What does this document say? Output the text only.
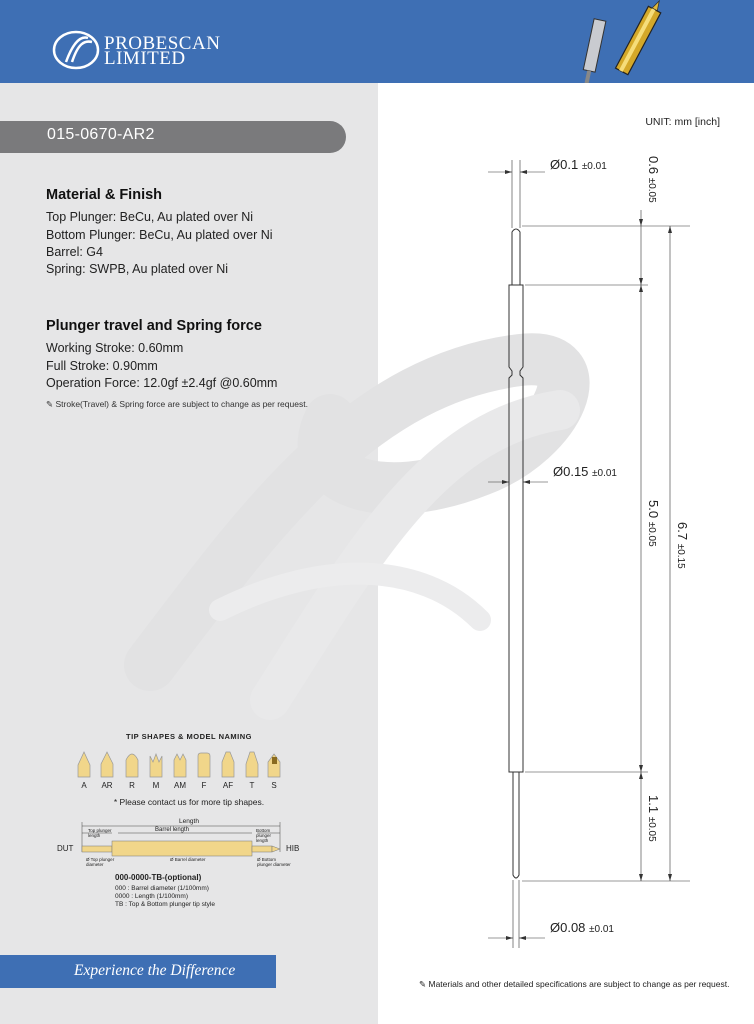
PROBESCAN
LIMITED
015-0670-AR2
Material & Finish
Top Plunger: BeCu, Au plated over Ni
Bottom Plunger: BeCu, Au plated over Ni
Barrel: G4
Spring: SWPB, Au plated over Ni
Plunger travel and Spring force
Working Stroke: 0.60mm
Full Stroke: 0.90mm
Operation Force: 12.0gf ±2.4gf @0.60mm
✎ Stroke(Travel) & Spring force are subject to change as per request.
TIP SHAPES & MODEL NAMING
A	AR	R	M	AM	F	AF	T	S
* Please contact us for more tip shapes.
Length
Top plunger length
Barrel length	Bottom plunger length
DUT	HIB
Ø Top plunger diameter
Ø Barrel diameter	Ø Bottom plunger diameter
000-0000-TB-(optional)
000 : Barrel diameter (1/100mm)
0000 : Length (1/100mm)
TB : Top & Bottom plunger tip style
Experience the Difference
✎ Materials and other detailed specifications are subject to change as per request.
UNIT: mm [inch]
Ø0.1 ±0.01
Ø0.15 ±0.01
Ø0.08 ±0.01
0.6 ±0.05
5.0 ±0.05
1.1 ±0.05
6.7 ±0.15
